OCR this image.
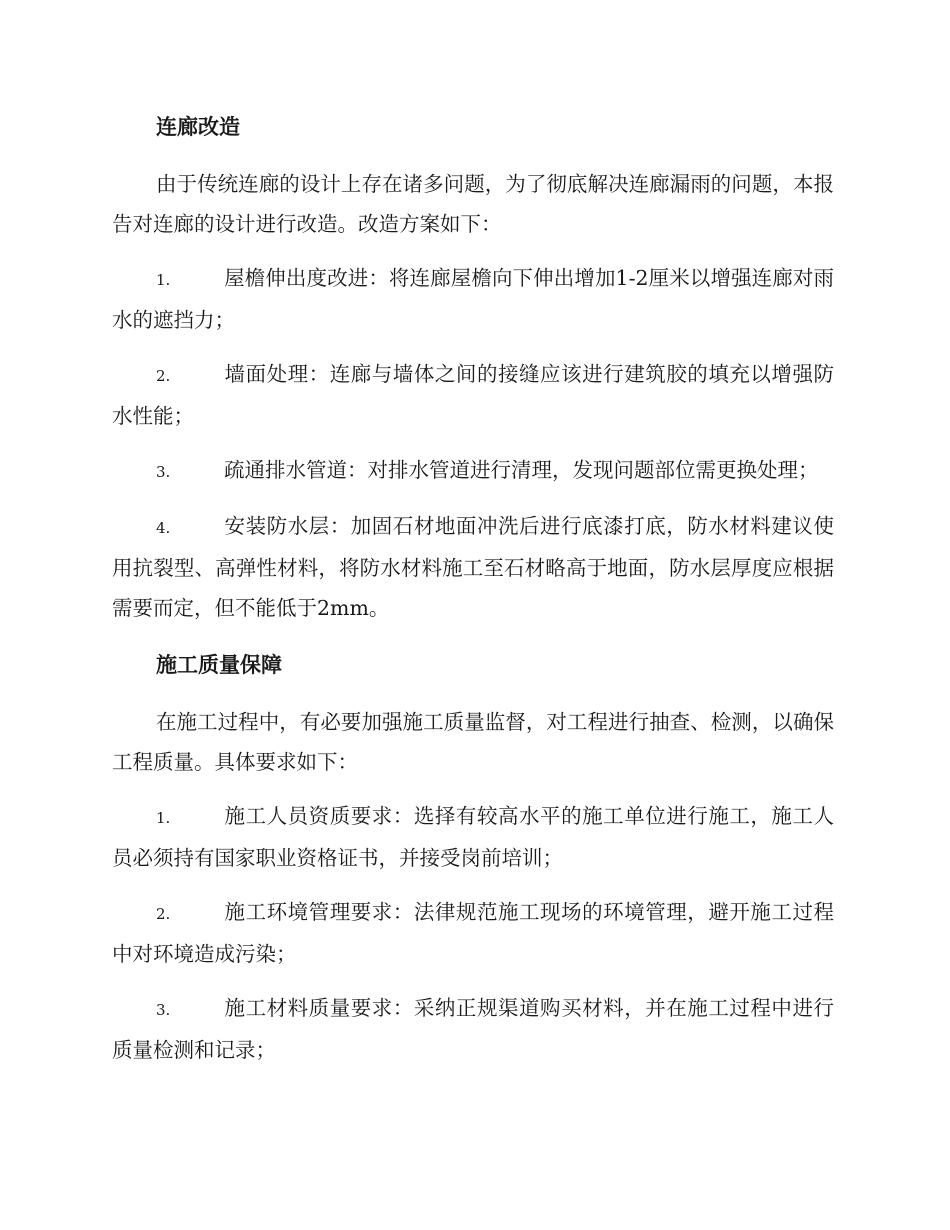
连廊改造
由于传统连廊的设计上存在诸多问题，为了彻底解决连廊漏雨的问题，本报告对连廊的设计进行改造。改造方案如下：
1.	屋檐伸出度改进：将连廊屋檐向下伸出增加1-2厘米以增强连廊对雨水的遮挡力；
2.	墙面处理：连廊与墙体之间的接缝应该进行建筑胶的填充以增强防水性能；
3.	疏通排水管道：对排水管道进行清理，发现问题部位需更换处理；
4.	安装防水层：加固石材地面冲洗后进行底漆打底，防水材料建议使用抗裂型、高弹性材料，将防水材料施工至石材略高于地面，防水层厚度应根据需要而定，但不能低于2mm。
施工质量保障
在施工过程中，有必要加强施工质量监督，对工程进行抽查、检测，以确保工程质量。具体要求如下：
1.	施工人员资质要求：选择有较高水平的施工单位进行施工，施工人员必须持有国家职业资格证书，并接受岗前培训；
2.	施工环境管理要求：法律规范施工现场的环境管理，避开施工过程中对环境造成污染；
3.	施工材料质量要求：采纳正规渠道购买材料，并在施工过程中进行质量检测和记录；
